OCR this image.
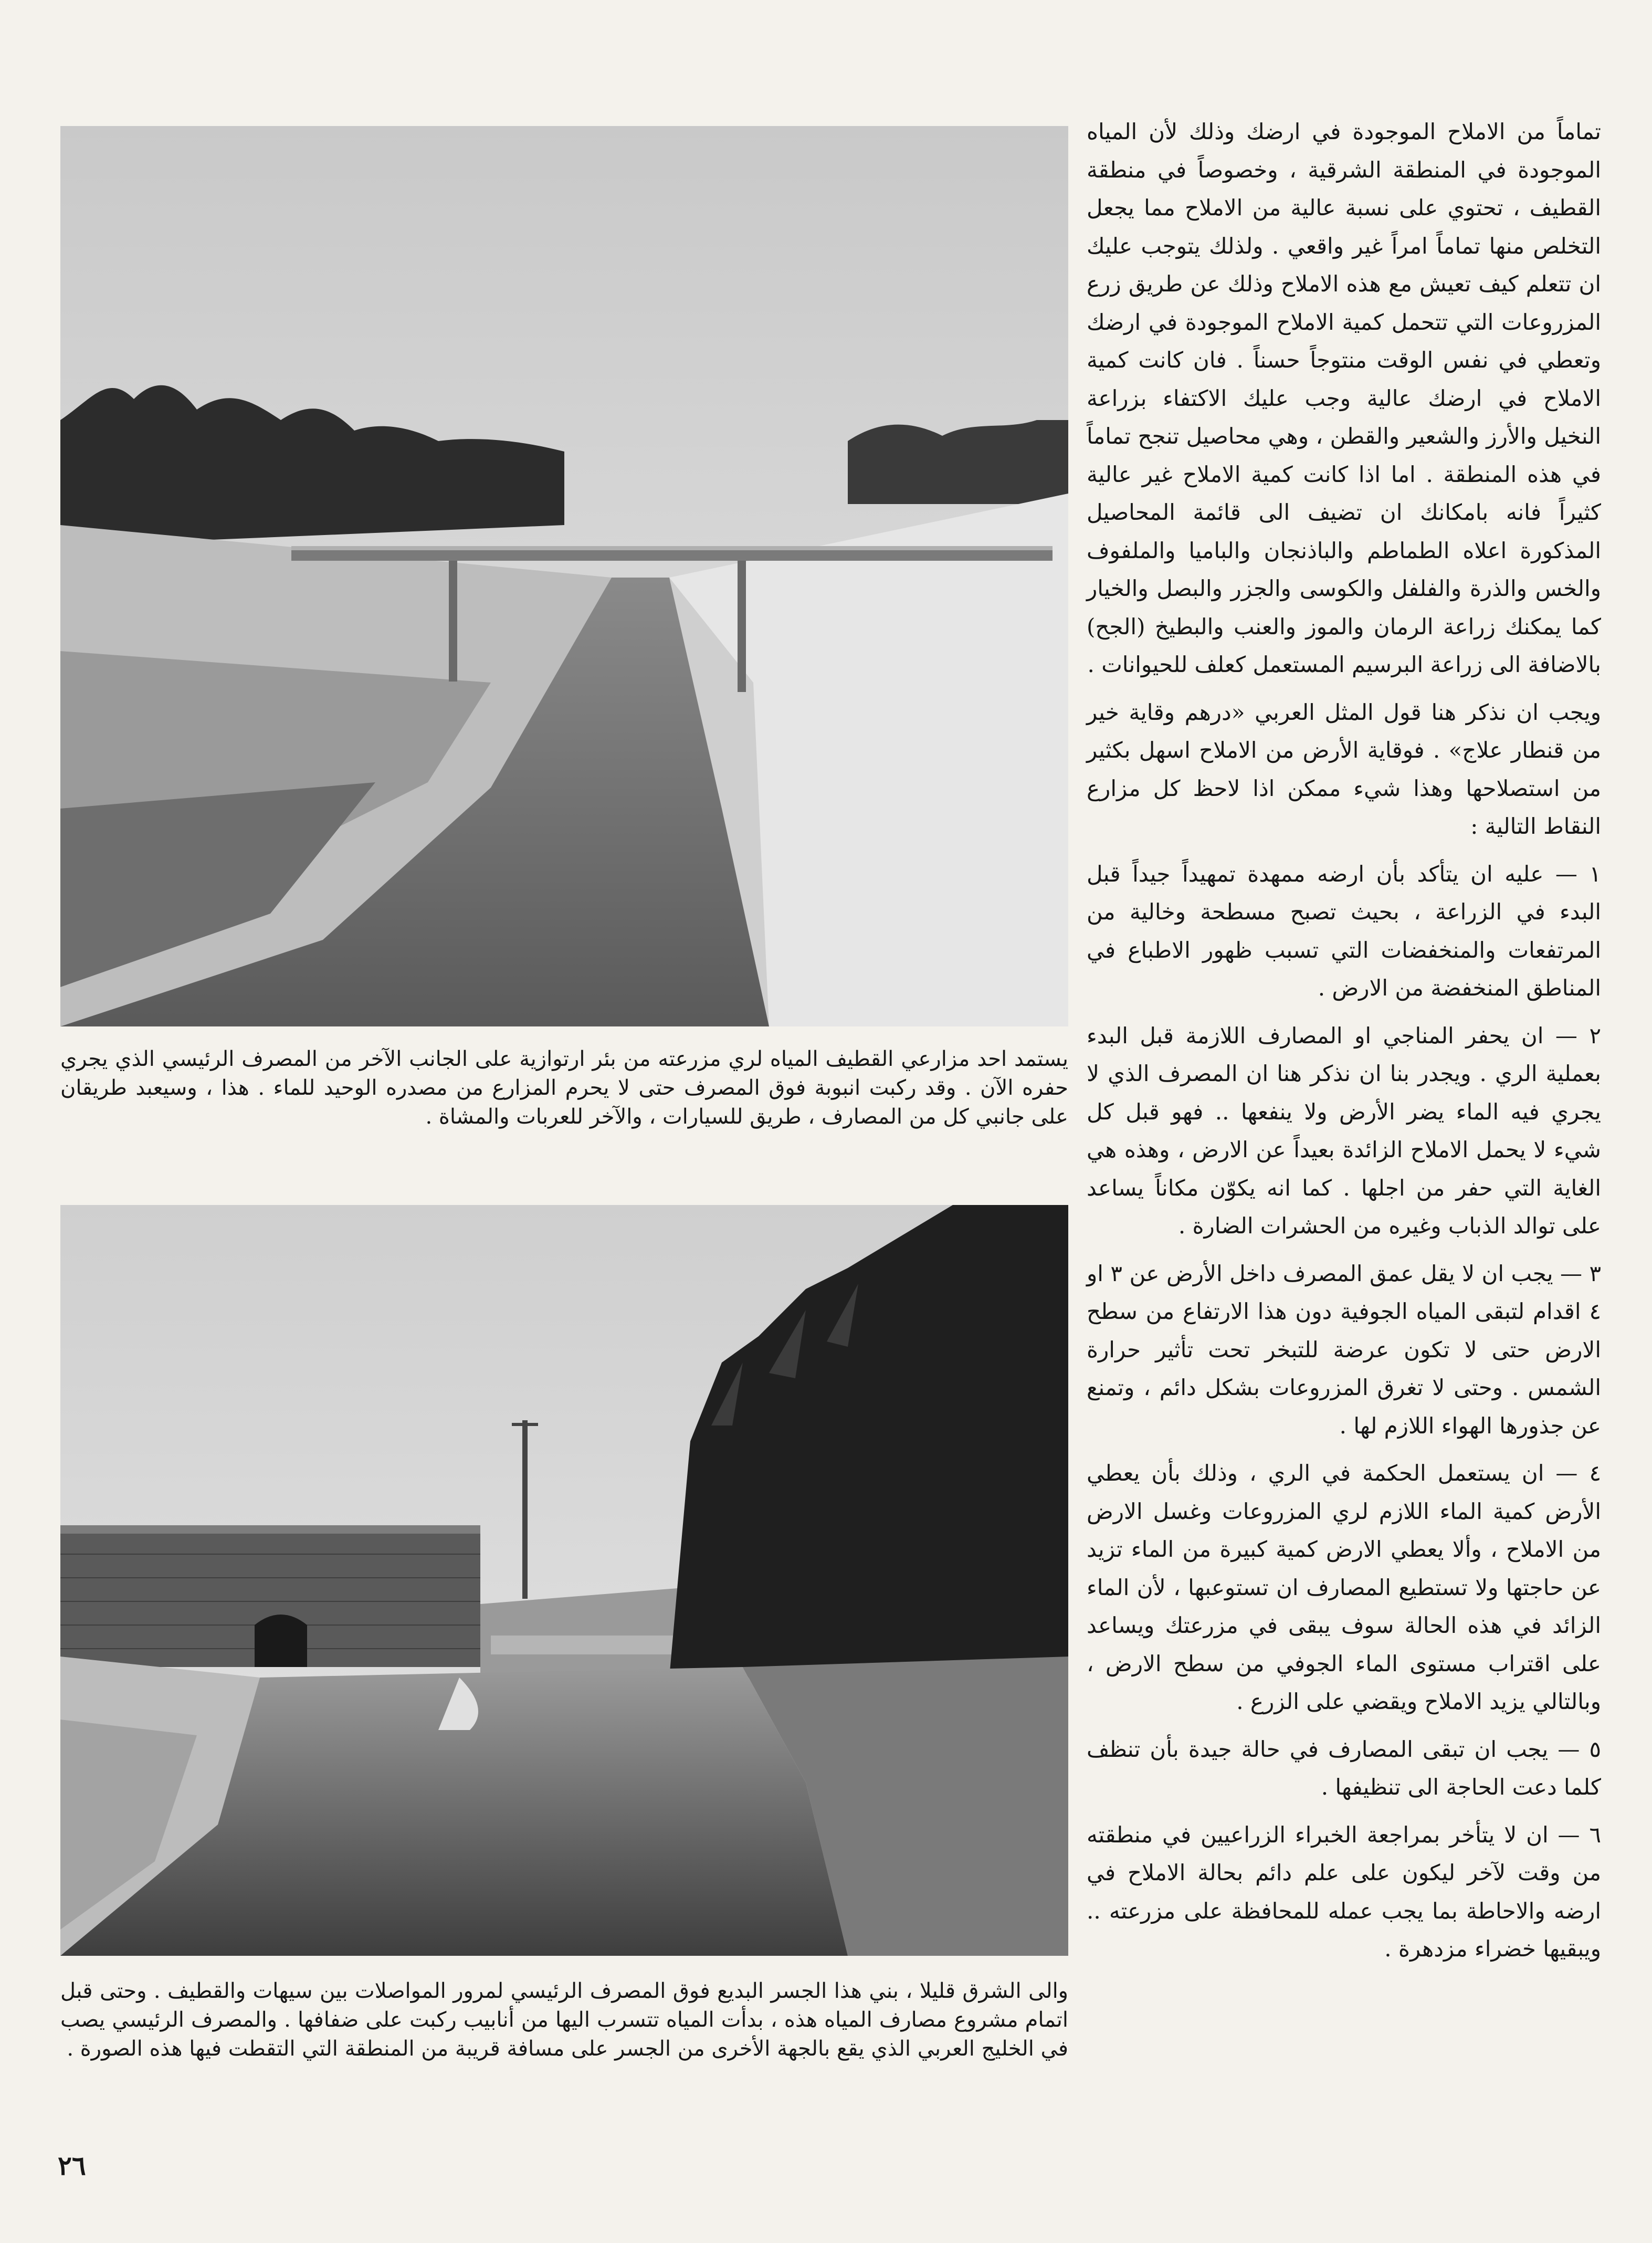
يستمد احد مزارعي القطيف المياه لري مزرعته من بئر ارتوازية على الجانب الآخر من المصرف الرئيسي الذي يجري حفره الآن . وقد ركبت انبوبة فوق المصرف حتى لا يحرم المزارع من مصدره الوحيد للماء . هذا ، وسيعبد طريقان على جانبي كل من المصارف ، طريق للسيارات ، والآخر للعربات والمشاة .

والى الشرق قليلا ، بني هذا الجسر البديع فوق المصرف الرئيسي لمرور المواصلات بين سيهات والقطيف . وحتى قبل اتمام مشروع مصارف المياه هذه ، بدأت المياه تتسرب اليها من أنابيب ركبت على ضفافها . والمصرف الرئيسي يصب في الخليج العربي الذي يقع بالجهة الأخرى من الجسر على مسافة قريبة من المنطقة التي التقطت فيها هذه الصورة .

تماماً من الاملاح الموجودة في ارضك وذلك لأن المياه الموجودة في المنطقة الشرقية ، وخصوصاً في منطقة القطيف ، تحتوي على نسبة عالية من الاملاح مما يجعل التخلص منها تماماً امراً غير واقعي . ولذلك يتوجب عليك ان تتعلم كيف تعيش مع هذه الاملاح وذلك عن طريق زرع المزروعات التي تتحمل كمية الاملاح الموجودة في ارضك وتعطي في نفس الوقت منتوجاً حسناً . فان كانت كمية الاملاح في ارضك عالية وجب عليك الاكتفاء بزراعة النخيل والأرز والشعير والقطن ، وهي محاصيل تنجح تماماً في هذه المنطقة . اما اذا كانت كمية الاملاح غير عالية كثيراً فانه بامكانك ان تضيف الى قائمة المحاصيل المذكورة اعلاه الطماطم والباذنجان والباميا والملفوف والخس والذرة والفلفل والكوسى والجزر والبصل والخيار كما يمكنك زراعة الرمان والموز والعنب والبطيخ (الجح) بالاضافة الى زراعة البرسيم المستعمل كعلف للحيوانات .

ويجب ان نذكر هنا قول المثل العربي «درهم وقاية خير من قنطار علاج» . فوقاية الأرض من الاملاح اسهل بكثير من استصلاحها وهذا شيء ممكن اذا لاحظ كل مزارع النقاط التالية :

١ — عليه ان يتأكد بأن ارضه ممهدة تمهيداً جيداً قبل البدء في الزراعة ، بحيث تصبح مسطحة وخالية من المرتفعات والمنخفضات التي تسبب ظهور الاطباع في المناطق المنخفضة من الارض .

٢ — ان يحفر المناجي او المصارف اللازمة قبل البدء بعملية الري . ويجدر بنا ان نذكر هنا ان المصرف الذي لا يجري فيه الماء يضر الأرض ولا ينفعها .. فهو قبل كل شيء لا يحمل الاملاح الزائدة بعيداً عن الارض ، وهذه هي الغاية التي حفر من اجلها . كما انه يكوّن مكاناً يساعد على توالد الذباب وغيره من الحشرات الضارة .

٣ — يجب ان لا يقل عمق المصرف داخل الأرض عن ٣ او ٤ اقدام لتبقى المياه الجوفية دون هذا الارتفاع من سطح الارض حتى لا تكون عرضة للتبخر تحت تأثير حرارة الشمس . وحتى لا تغرق المزروعات بشكل دائم ، وتمنع عن جذورها الهواء اللازم لها .

٤ — ان يستعمل الحكمة في الري ، وذلك بأن يعطي الأرض كمية الماء اللازم لري المزروعات وغسل الارض من الاملاح ، وألا يعطي الارض كمية كبيرة من الماء تزيد عن حاجتها ولا تستطيع المصارف ان تستوعبها ، لأن الماء الزائد في هذه الحالة سوف يبقى في مزرعتك ويساعد على اقتراب مستوى الماء الجوفي من سطح الارض ، وبالتالي يزيد الاملاح ويقضي على الزرع .

٥ — يجب ان تبقى المصارف في حالة جيدة بأن تنظف كلما دعت الحاجة الى تنظيفها .

٦ — ان لا يتأخر بمراجعة الخبراء الزراعيين في منطقته من وقت لآخر ليكون على علم دائم بحالة الاملاح في ارضه والاحاطة بما يجب عمله للمحافظة على مزرعته .. ويبقيها خضراء مزدهرة .

٢٦
